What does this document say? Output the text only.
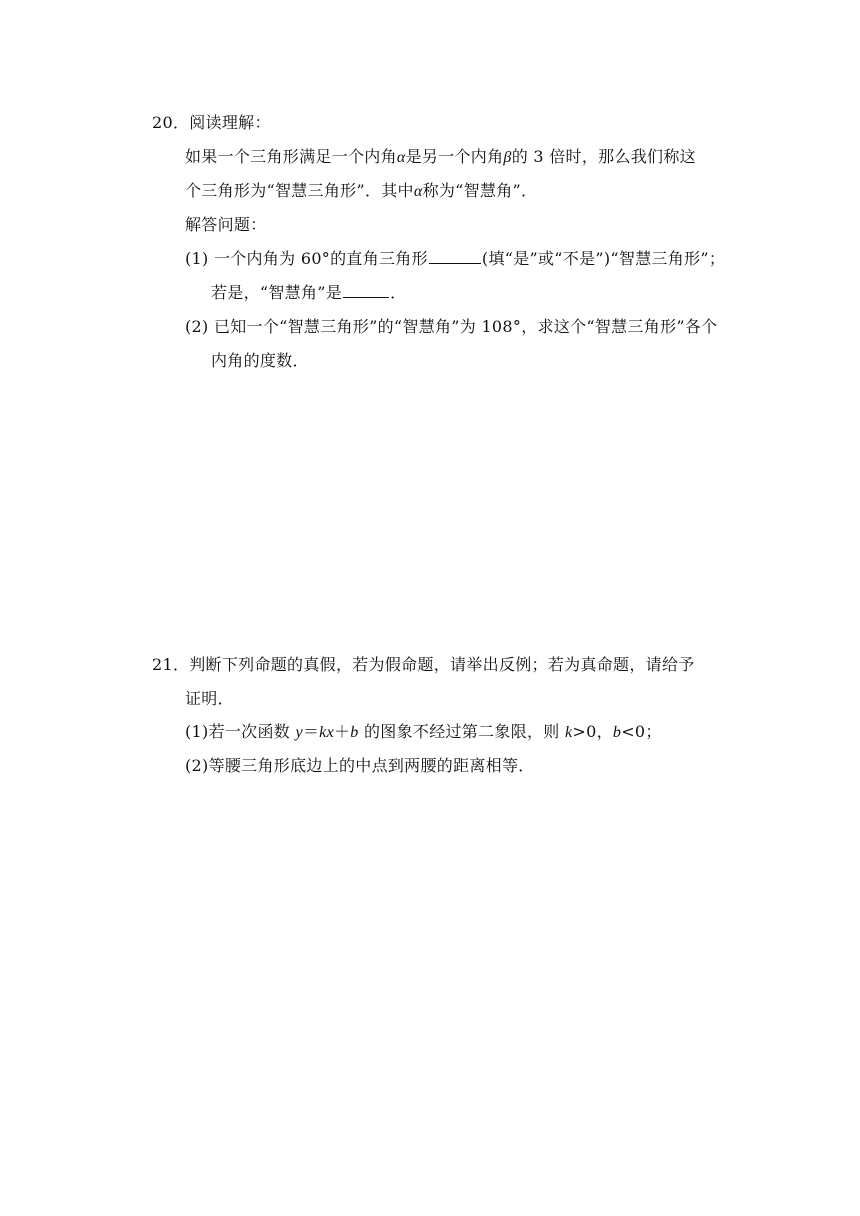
20．阅读理解：
如果一个三角形满足一个内角α是另一个内角β的 3 倍时，那么我们称这
个三角形为“智慧三角形”．其中α称为“智慧角”．
解答问题：
(1) 一个内角为 60°的直角三角形	(填“是”或“不是”)“智慧三角形”；
若是，“智慧角”是	．
(2) 已知一个“智慧三角形”的“智慧角”为 108°，求这个“智慧三角形”各个
内角的度数．
21．判断下列命题的真假，若为假命题，请举出反例；若为真命题，请给予
证明．
(1)若一次函数 y＝kx＋b 的图象不经过第二象限，则 k>0，b<0；
(2)等腰三角形底边上的中点到两腰的距离相等．
